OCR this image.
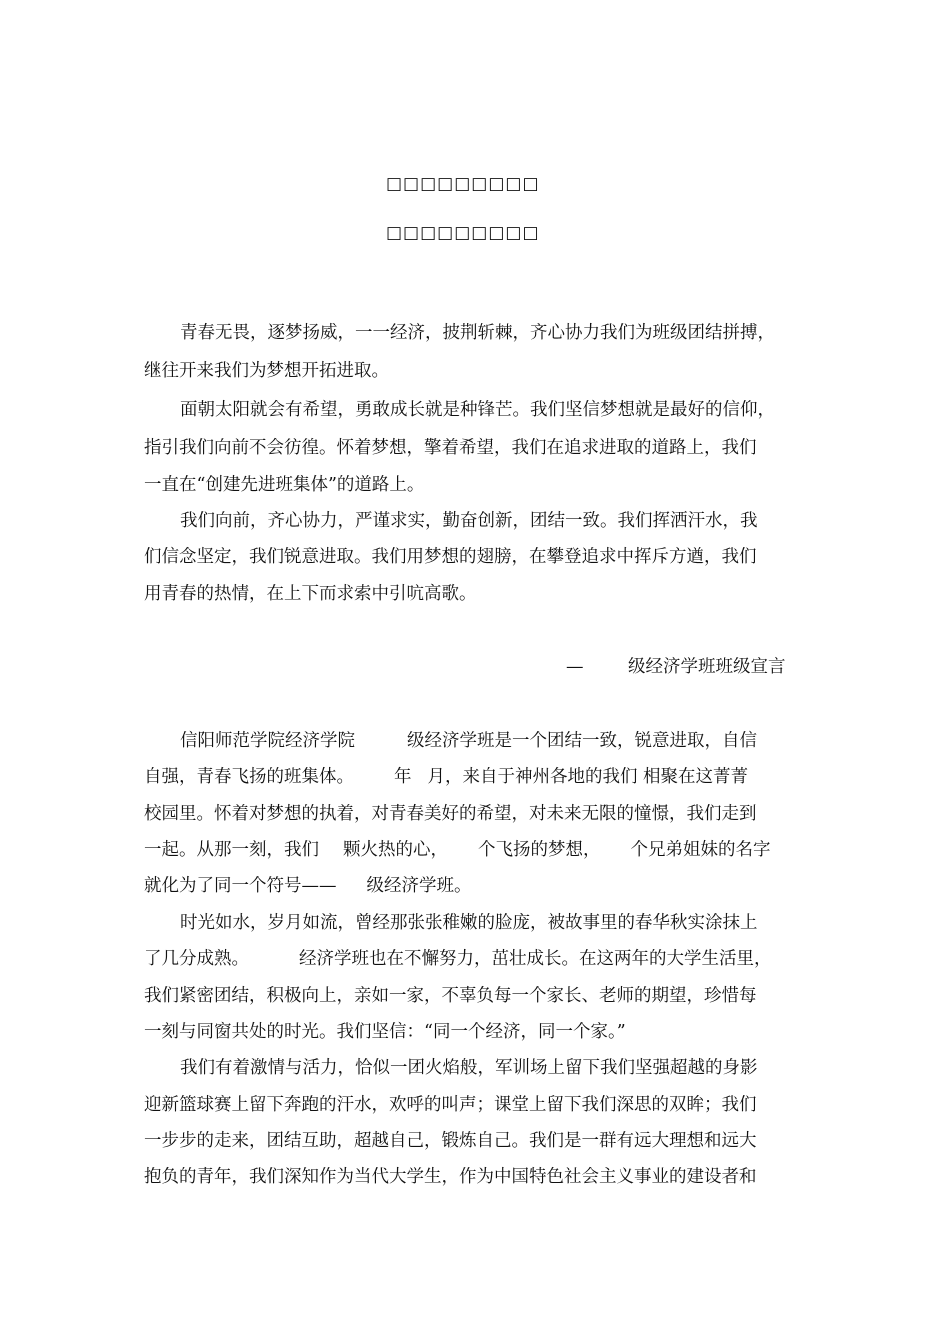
□□□□□□□□□
□□□□□□□□□
青春无畏，逐梦扬威，一一经济，披荆斩棘，齐心协力我们为班级团结拼搏，
继往开来我们为梦想开拓进取。
面朝太阳就会有希望，勇敢成长就是种锋芒。我们坚信梦想就是最好的信仰，
指引我们向前不会彷徨。怀着梦想，擎着希望，我们在追求进取的道路上，我们
一直在“创建先进班集体”的道路上。
我们向前，齐心协力，严谨求实，勤奋创新，团结一致。我们挥洒汗水，我
们信念坚定，我们锐意进取。我们用梦想的翅膀，在攀登追求中挥斥方遒，我们
用青春的热情，在上下而求索中引吭高歌。
—	级经济学班班级宣言
信阳师范学院经济学院	级经济学班是一个团结一致，锐意进取，自信
自强，青春飞扬的班集体。 年 月，来自于神州各地的我们 相聚在这菁菁
校园里。怀着对梦想的执着，对青春美好的希望，对未来无限的憧憬，我们走到
一起。从那一刻，我们 颗火热的心， 个飞扬的梦想， 个兄弟姐妹的名字
就化为了同一个符号—— 级经济学班。
时光如水，岁月如流，曾经那张张稚嫩的脸庞，被故事里的春华秋实涂抹上
了几分成熟。	经济学班也在不懈努力，茁壮成长。在这两年的大学生活里，
我们紧密团结，积极向上，亲如一家，不辜负每一个家长、老师的期望，珍惜每
一刻与同窗共处的时光。我们坚信：“同一个经济，同一个家。”
我们有着激情与活力，恰似一团火焰般，军训场上留下我们坚强超越的身影
迎新篮球赛上留下奔跑的汗水，欢呼的叫声；课堂上留下我们深思的双眸；我们
一步步的走来，团结互助，超越自己，锻炼自己。我们是一群有远大理想和远大
抱负的青年，我们深知作为当代大学生，作为中国特色社会主义事业的建设者和
